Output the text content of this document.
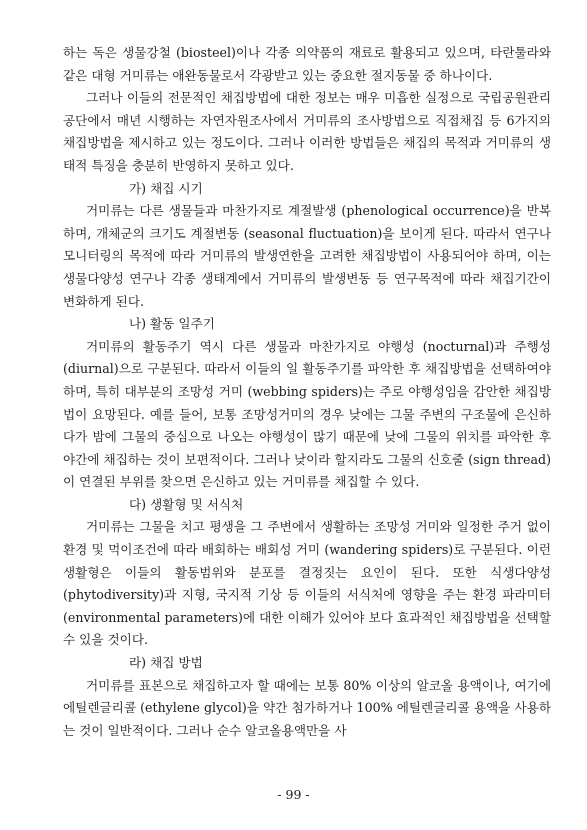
하는 독은 생물강철 (biosteel)이나 각종 의약품의 재료로 활용되고 있으며, 타란툴라와 같은 대형 거미류는 애완동물로서 각광받고 있는 중요한 절지동물 중 하나이다.

그러나 이들의 전문적인 채집방법에 대한 정보는 매우 미흡한 실정으로 국립공원관리공단에서 매년 시행하는 자연자원조사에서 거미류의 조사방법으로 직접채집 등 6가지의 채집방법을 제시하고 있는 정도이다. 그러나 이러한 방법들은 채집의 목적과 거미류의 생태적 특징을 충분히 반영하지 못하고 있다.

가) 채집 시기

거미류는 다른 생물들과 마찬가지로 계절발생 (phenological occurrence)을 반복하며, 개체군의 크기도 계절변동 (seasonal fluctuation)을 보이게 된다. 따라서 연구나 모니터링의 목적에 따라 거미류의 발생연한을 고려한 채집방법이 사용되어야 하며, 이는 생물다양성 연구나 각종 생태계에서 거미류의 발생변동 등 연구목적에 따라 채집기간이 변화하게 된다.

나) 활동 일주기

거미류의 활동주기 역시 다른 생물과 마찬가지로 야행성 (nocturnal)과 주행성 (diurnal)으로 구분된다. 따라서 이들의 일 활동주기를 파악한 후 채집방법을 선택하여야 하며, 특히 대부분의 조망성 거미 (webbing spiders)는 주로 야행성임을 감안한 채집방법이 요망된다. 예를 들어, 보통 조망성거미의 경우 낮에는 그물 주변의 구조물에 은신하다가 밤에 그물의 중심으로 나오는 야행성이 많기 때문에 낮에 그물의 위치를 파악한 후 야간에 채집하는 것이 보편적이다. 그러나 낮이라 할지라도 그물의 신호줄 (sign thread)이 연결된 부위를 찾으면 은신하고 있는 거미류를 채집할 수 있다.

다) 생활형 및 서식처

거미류는 그물을 치고 평생을 그 주변에서 생활하는 조망성 거미와 일정한 주거 없이 환경 및 먹이조건에 따라 배회하는 배회성 거미 (wandering spiders)로 구분된다. 이런 생활형은 이들의 활동범위와 분포를 결정짓는 요인이 된다. 또한 식생다양성 (phytodiversity)과 지형, 국지적 기상 등 이들의 서식처에 영향을 주는 환경 파라미터 (environmental parameters)에 대한 이해가 있어야 보다 효과적인 채집방법을 선택할 수 있을 것이다.

라) 채집 방법

거미류를 표본으로 채집하고자 할 때에는 보통 80% 이상의 알코올 용액이나, 여기에 에틸렌글리콜 (ethylene glycol)을 약간 첨가하거나 100% 에틸렌글리콜 용액을 사용하는 것이 일반적이다. 그러나 순수 알코올용액만을 사

- 99 -
